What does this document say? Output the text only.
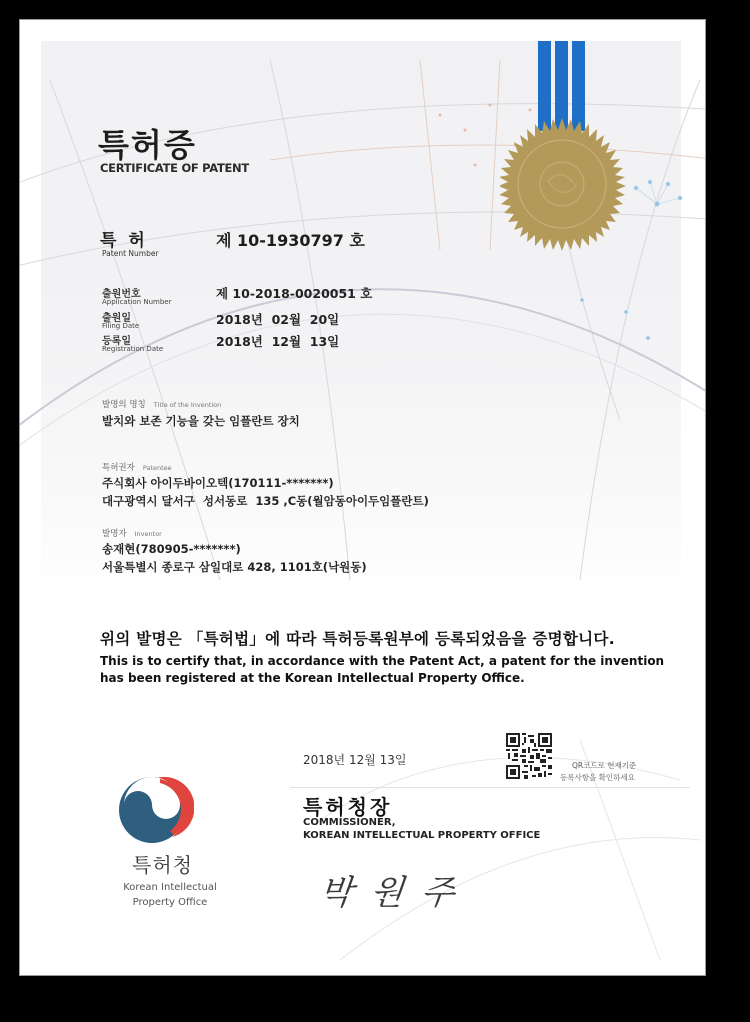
특허증
CERTIFICATE OF PATENT
특 허
Patent Number
제 10-1930797 호
출원번호
Application Number
제 10-2018-0020051 호
출원일
Filing Date	2018년  02월  20일
등록일
Registration Date	2018년  12월  13일
발명의 명칭 Title of the Invention
발치와 보존 기능을 갖는 임플란트 장치
특허권자 Patentee
주식회사 아이두바이오텍(170111-*******)
대구광역시 달서구  성서동로  135 ,C동(월암동아이두임플란트)
발명자 Inventor
송재현(780905-*******)
서울특별시 종로구 삼일대로 428, 1101호(낙원동)
위의 발명은 「특허법」에 따라 특허등록원부에 등록되었음을 증명합니다.
This is to certify that, in accordance with the Patent Act, a patent for the invention
has been registered at the Korean Intellectual Property Office.
2018년 12월 13일	QR코드로 현재기준
등록사항을 확인하세요
특허청장
COMMISSIONER,
KOREAN INTELLECTUAL PROPERTY OFFICE
박원주
특허청
Korean Intellectual
Property Office
